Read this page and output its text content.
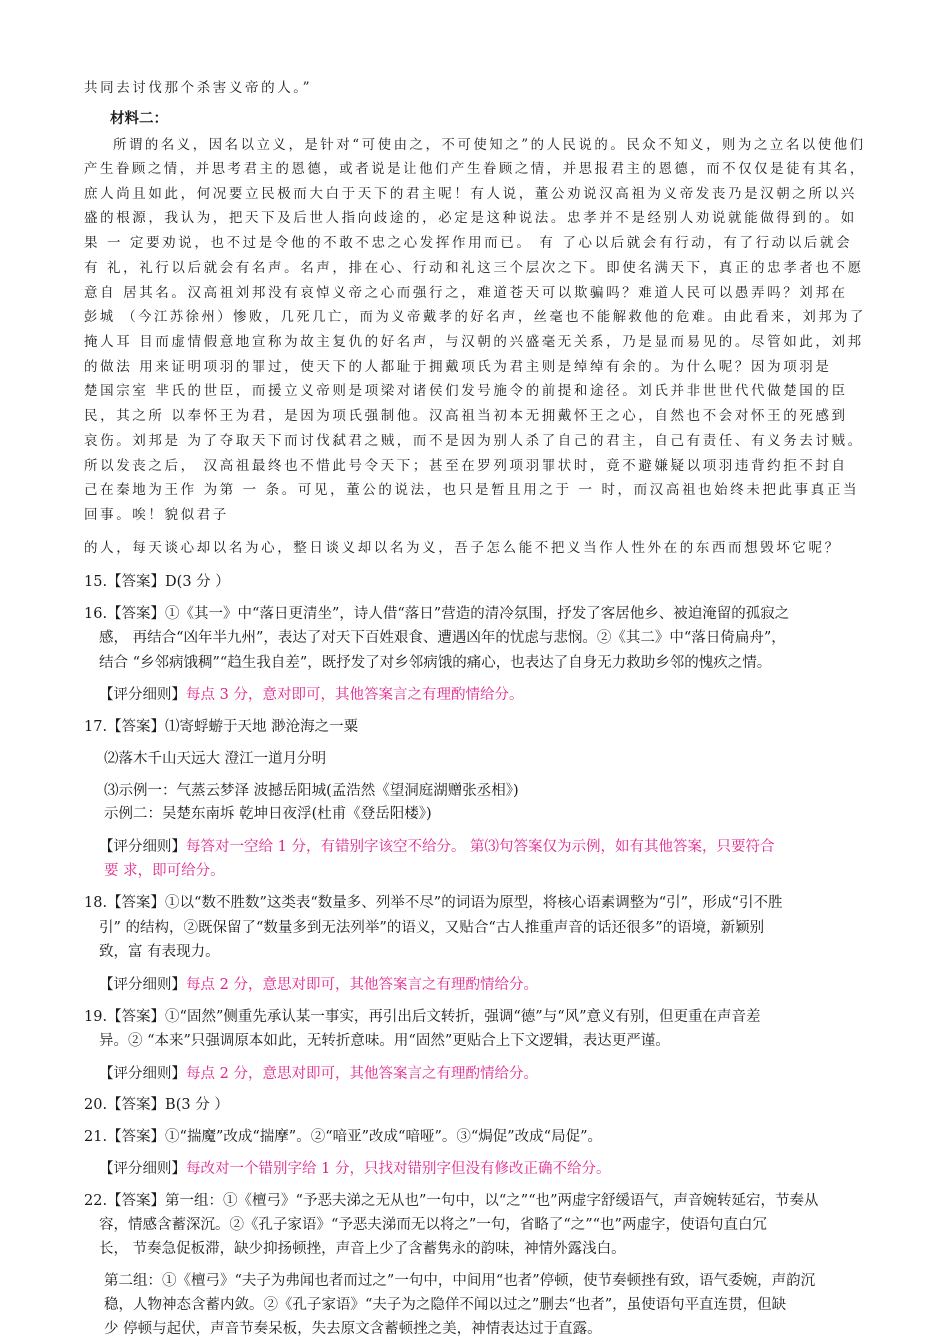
共同去讨伐那个杀害义帝的人。”
材料二：
所谓的名义，因名以立义，是针对“可使由之，不可使知之”的人民说的。民众不知义，则为之立名以使他们
产生眷顾之情，并思考君主的恩德，或者说是让他们产生眷顾之情，并思报君主的恩德，而不仅仅是徒有其名，
庶人尚且如此，何况要立民极而大白于天下的君主呢！有人说，董公劝说汉高祖为义帝发丧乃是汉朝之所以兴
盛的根源，我认为，把天下及后世人指向歧途的，必定是这种说法。忠孝并不是经别人劝说就能做得到的。如
果 一 定要劝说，也不过是令他的不敢不忠之心发挥作用而已。 有 了心以后就会有行动，有了行动以后就会
有 礼，礼行以后就会有名声。名声，排在心、行动和礼这三个层次之下。即使名满天下，真正的忠孝者也不愿
意自 居其名。汉高祖刘邦没有哀悼义帝之心而强行之，难道苍天可以欺骗吗？难道人民可以愚弄吗？刘邦在
彭城 （今江苏徐州）惨败，几死几亡，而为义帝戴孝的好名声，丝毫也不能解救他的危难。由此看来，刘邦为了
掩人耳 目而虚情假意地宣称为故主复仇的好名声，与汉朝的兴盛毫无关系，乃是显而易见的。尽管如此，刘邦
的做法 用来证明项羽的罪过，使天下的人都耻于拥戴项氏为君主则是绰绰有余的。为什么呢？因为项羽是
楚国宗室 芈氏的世臣，而援立义帝则是项梁对诸侯们发号施令的前提和途径。刘氏并非世世代代做楚国的臣
民，其之所 以奉怀王为君，是因为项氏强制他。汉高祖当初本无拥戴怀王之心，自然也不会对怀王的死感到
哀伤。刘邦是 为了夺取天下而讨伐弑君之贼，而不是因为别人杀了自己的君主，自己有责任、有义务去讨贼。
所以发丧之后， 汉高祖最终也不惜此号令天下；甚至在罗列项羽罪状时，竟不避嫌疑以项羽违背约拒不封自
己在秦地为王作 为第 一 条。可见，董公的说法，也只是暂且用之于 一 时，而汉高祖也始终未把此事真正当
回事。唉！貌似君子
的人，每天谈心却以名为心，整日谈义却以名为义，吾子怎么能不把义当作人性外在的东西而想毁坏它呢？
15.【答案】D(3 分 ）
16.【答案】①《其一》中“落日更清坐”，诗人借“落日”营造的清冷氛围，抒发了客居他乡、被迫淹留的孤寂之
感， 再结合“凶年半九州”，表达了对天下百姓艰食、遭遇凶年的忧虑与悲悯。②《其二》中“落日倚扁舟”，
结合 “乡邻病饿稠”“趋生我自差”，既抒发了对乡邻病饿的痛心，也表达了自身无力救助乡邻的愧疚之情。
【评分细则】每点 3 分，意对即可，其他答案言之有理酌情给分。
17.【答案】⑴寄蜉蝣于天地 渺沧海之一粟
⑵落木千山天远大 澄江一道月分明
⑶示例一：气蒸云梦泽 波撼岳阳城(孟浩然《望洞庭湖赠张丞相》)
示例二：吴楚东南坼 乾坤日夜浮(杜甫《登岳阳楼》)
【评分细则】每答对一空给 1 分，有错别字该空不给分。 第⑶句答案仅为示例，如有其他答案，只要符合
要 求，即可给分。
18.【答案】①以“数不胜数”这类表“数量多、列举不尽”的词语为原型，将核心语素调整为“引”，形成“引不胜
引” 的结构，②既保留了“数量多到无法列举”的语义，又贴合“古人推重声音的话还很多”的语境，新颖别
致，富 有表现力。
【评分细则】每点 2 分，意思对即可，其他答案言之有理酌情给分。
19.【答案】①“固然”侧重先承认某一事实，再引出后文转折，强调“德”与“风”意义有别，但更重在声音差
异。② “本来”只强调原本如此，无转折意味。用“固然”更贴合上下文逻辑，表达更严谨。
【评分细则】每点 2 分，意思对即可，其他答案言之有理酌情给分。
20.【答案】B(3 分 ）
21.【答案】①“揣魔”改成“揣摩”。②“喑亚”改成“喑哑”。③“焗促”改成“局促”。
【评分细则】每改对一个错别字给 1 分，只找对错别字但没有修改正确不给分。
22.【答案】第一组：①《檀弓》“予恶夫涕之无从也”一句中，以“之”“也”两虚字舒缓语气，声音婉转延宕，节奏从
容，情感含蓄深沉。②《孔子家语》“予恶夫涕而无以将之”一句，省略了“之”“也”两虚字，使语句直白冗
长， 节奏急促板滞，缺少抑扬顿挫，声音上少了含蓄隽永的韵味，神情外露浅白。
第二组：①《檀弓》“夫子为弗闻也者而过之”一句中，中间用“也者”停顿，使节奏顿挫有致，语气委婉，声韵沉
稳，人物神态含蓄内敛。②《孔子家语》“夫子为之隐佯不闻以过之”删去“也者”，虽使语句平直连贯，但缺
少 停顿与起伏，声音节奏呆板，失去原文含蓄顿挫之美，神情表达过于直露。
